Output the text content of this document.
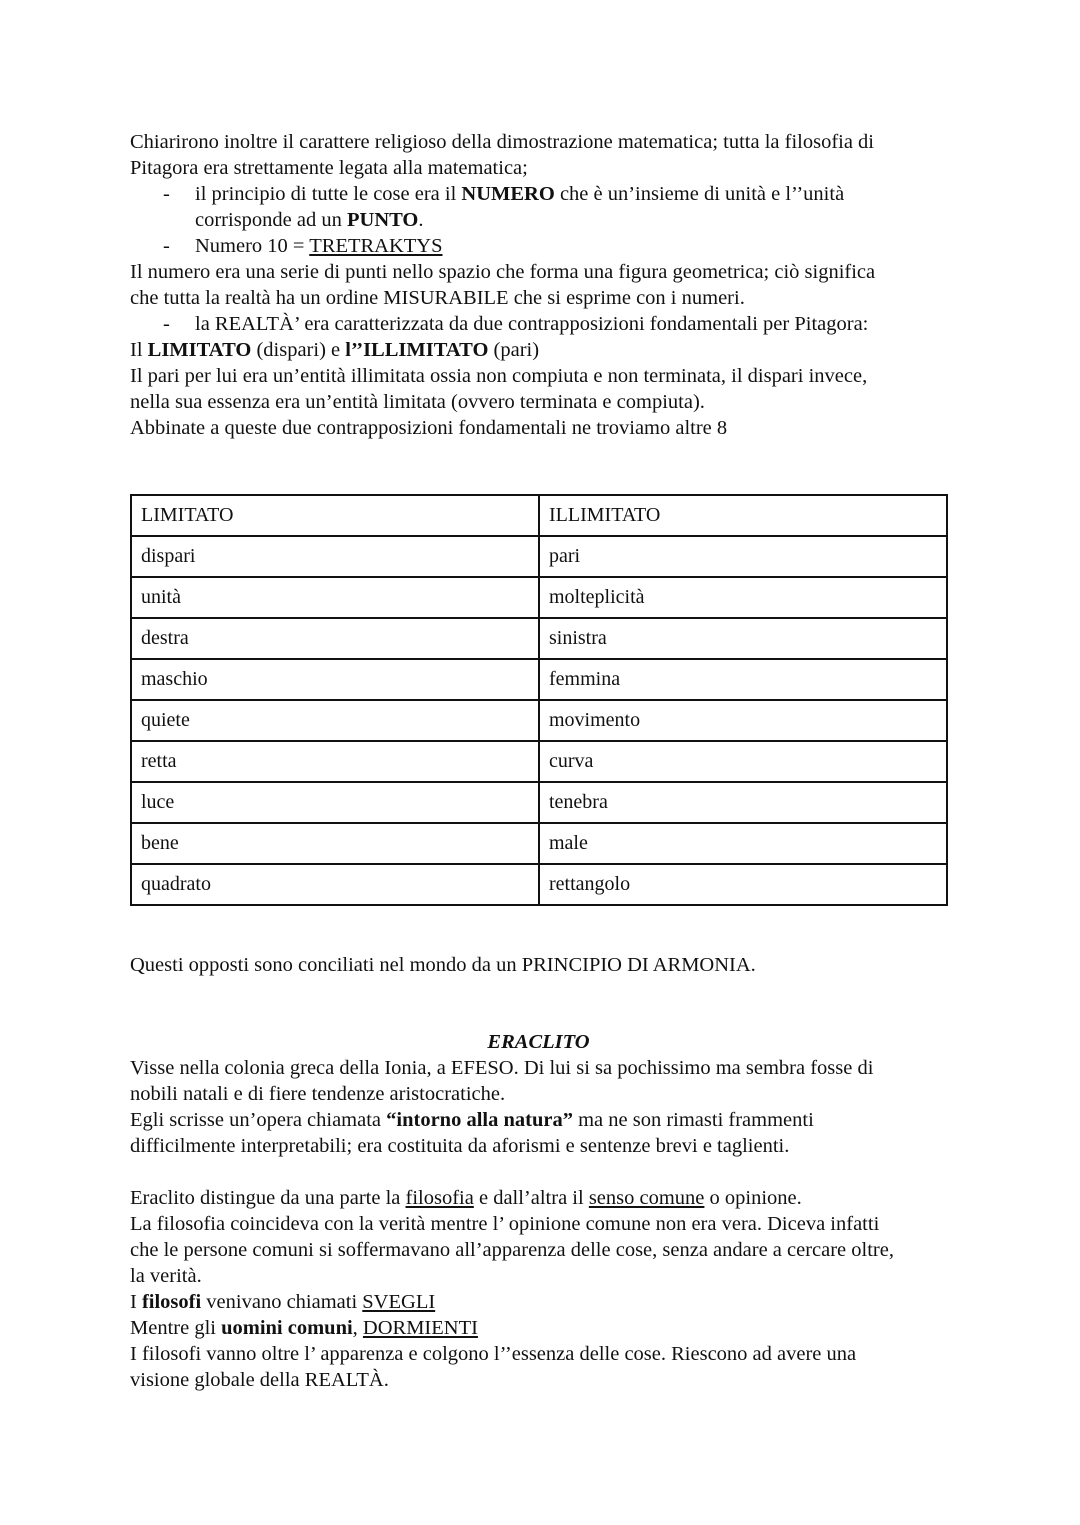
Chiarirono inoltre il carattere religioso della dimostrazione matematica; tutta la filosofia di
Pitagora era strettamente legata alla matematica;
- il principio di tutte le cose era il NUMERO che è un’insieme di unità e l’’unità
corrisponde ad un PUNTO.
- Numero 10 = TRETRAKTYS
Il numero era una serie di punti nello spazio che forma una figura geometrica; ciò significa
che tutta la realtà ha un ordine MISURABILE che si esprime con i numeri.
- la REALTÀ’ era caratterizzata da due contrapposizioni fondamentali per Pitagora:
Il LIMITATO (dispari) e l’’ILLIMITATO (pari)
Il pari per lui era un’entità illimitata ossia non compiuta e non terminata, il dispari invece,
nella sua essenza era un’entità limitata (ovvero terminata e compiuta).
Abbinate a queste due contrapposizioni fondamentali ne troviamo altre 8
LIMITATO	ILLIMITATO
dispari	pari
unità	molteplicità
destra	sinistra
maschio	femmina
quiete	movimento
retta	curva
luce	tenebra
bene	male
quadrato	rettangolo
Questi opposti sono conciliati nel mondo da un PRINCIPIO DI ARMONIA.
ERACLITO
Visse nella colonia greca della Ionia, a EFESO. Di lui si sa pochissimo ma sembra fosse di
nobili natali e di fiere tendenze aristocratiche.
Egli scrisse un’opera chiamata “intorno alla natura” ma ne son rimasti frammenti
difficilmente interpretabili; era costituita da aforismi e sentenze brevi e taglienti.
Eraclito distingue da una parte la filosofia e dall’altra il senso comune o opinione.
La filosofia coincideva con la verità mentre l’ opinione comune non era vera. Diceva infatti
che le persone comuni si soffermavano all’apparenza delle cose, senza andare a cercare oltre,
la verità.
I filosofi venivano chiamati SVEGLI
Mentre gli uomini comuni, DORMIENTI
I filosofi vanno oltre l’ apparenza e colgono l’’essenza delle cose. Riescono ad avere una
visione globale della REALTÀ.
